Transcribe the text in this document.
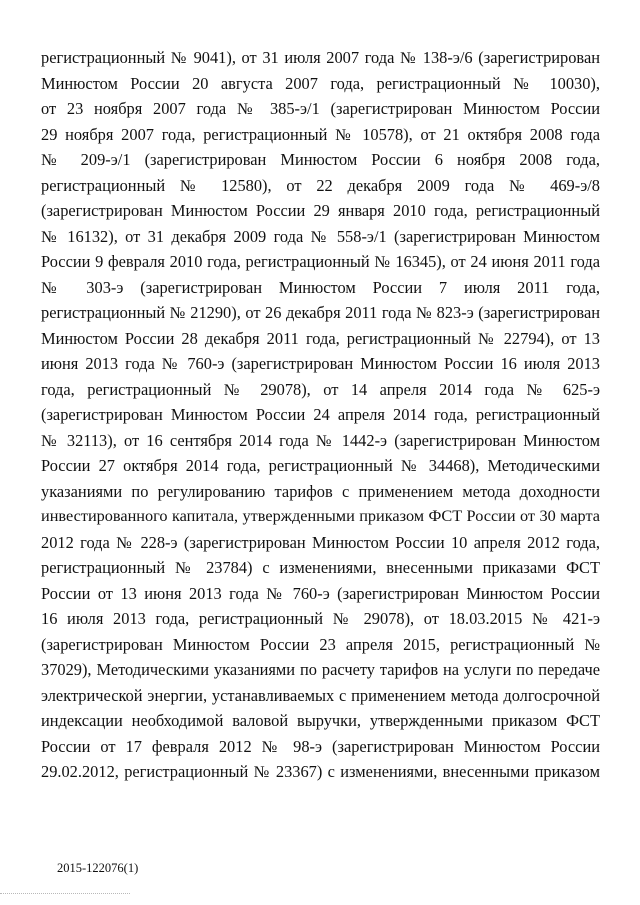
регистрационный № 9041), от 31 июля 2007 года № 138-э/6 (зарегистрирован
Минюстом России 20 августа 2007 года, регистрационный № 10030),
от 23 ноября 2007 года № 385-э/1 (зарегистрирован Минюстом России
29 ноября 2007 года, регистрационный № 10578), от 21 октября 2008 года
№ 209-э/1 (зарегистрирован Минюстом России 6 ноября 2008 года,
регистрационный № 12580), от 22 декабря 2009 года № 469-э/8
(зарегистрирован Минюстом России 29 января 2010 года, регистрационный
№ 16132), от 31 декабря 2009 года № 558-э/1 (зарегистрирован Минюстом
России 9 февраля 2010 года, регистрационный № 16345), от 24 июня 2011 года
№ 303-э (зарегистрирован Минюстом России 7 июля 2011 года,
регистрационный № 21290), от 26 декабря 2011 года № 823-э (зарегистрирован
Минюстом России 28 декабря 2011 года, регистрационный № 22794), от 13
июня 2013 года № 760-э (зарегистрирован Минюстом России 16 июля 2013
года, регистрационный № 29078), от 14 апреля 2014 года № 625-э
(зарегистрирован Минюстом России 24 апреля 2014 года, регистрационный
№ 32113), от 16 сентября 2014 года № 1442-э (зарегистрирован Минюстом
России 27 октября 2014 года, регистрационный № 34468), Методическими
указаниями по регулированию тарифов с применением метода доходности
инвестированного капитала, утвержденными приказом ФСТ России от 30 марта
2012 года № 228-э (зарегистрирован Минюстом России 10 апреля 2012 года,
регистрационный № 23784) с изменениями, внесенными приказами ФСТ
России от 13 июня 2013 года № 760-э (зарегистрирован Минюстом России
16 июля 2013 года, регистрационный № 29078), от 18.03.2015 № 421-э
(зарегистрирован Минюстом России 23 апреля 2015, регистрационный №
37029), Методическими указаниями по расчету тарифов на услуги по передаче
электрической энергии, устанавливаемых с применением метода долгосрочной
индексации необходимой валовой выручки, утвержденными приказом ФСТ
России от 17 февраля 2012 № 98-э (зарегистрирован Минюстом России
29.02.2012, регистрационный № 23367) с изменениями, внесенными приказом
2015-122076(1)
